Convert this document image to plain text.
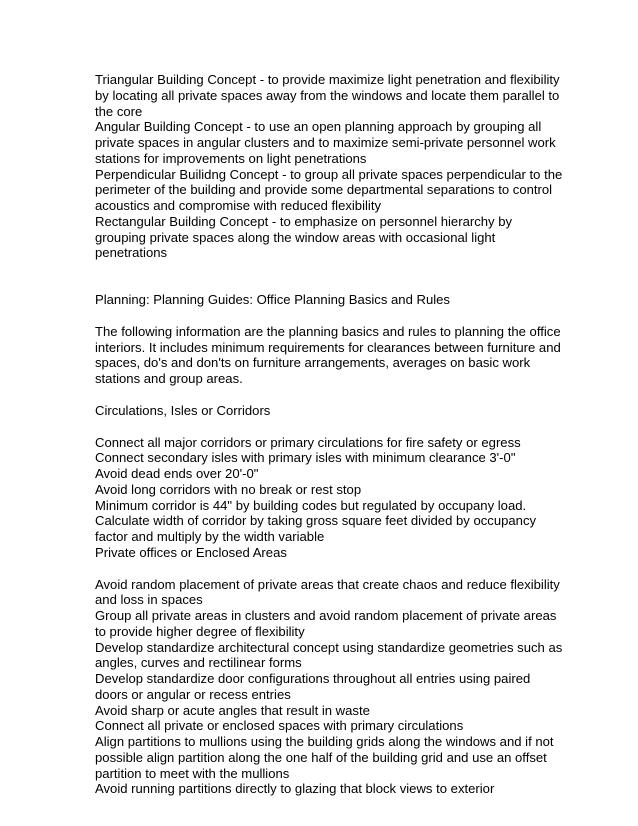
Triangular Building Concept - to provide maximize light penetration and flexibility
by locating all private spaces away from the windows and locate them parallel to
the core
Angular Building Concept - to use an open planning approach by grouping all
private spaces in angular clusters and to maximize semi-private personnel work
stations for improvements on light penetrations
Perpendicular Builidng Concept - to group all private spaces perpendicular to the
perimeter of the building and provide some departmental separations to control
acoustics and compromise with reduced flexibility
Rectangular Building Concept - to emphasize on personnel hierarchy by
grouping private spaces along the window areas with occasional light
penetrations
Planning: Planning Guides: Office Planning Basics and Rules
The following information are the planning basics and rules to planning the office
interiors. It includes minimum requirements for clearances between furniture and
spaces, do's and don'ts on furniture arrangements, averages on basic work
stations and group areas.
Circulations, Isles or Corridors
Connect all major corridors or primary circulations for fire safety or egress
Connect secondary isles with primary isles with minimum clearance 3'-0"
Avoid dead ends over 20'-0"
Avoid long corridors with no break or rest stop
Minimum corridor is 44" by building codes but regulated by occupany load.
Calculate width of corridor by taking gross square feet divided by occupancy
factor and multiply by the width variable
Private offices or Enclosed Areas
Avoid random placement of private areas that create chaos and reduce flexibility
and loss in spaces
Group all private areas in clusters and avoid random placement of private areas
to provide higher degree of flexibility
Develop standardize architectural concept using standardize geometries such as
angles, curves and rectilinear forms
Develop standardize door configurations throughout all entries using paired
doors or angular or recess entries
Avoid sharp or acute angles that result in waste
Connect all private or enclosed spaces with primary circulations
Align partitions to mullions using the building grids along the windows and if not
possible align partition along the one half of the building grid and use an offset
partition to meet with the mullions
Avoid running partitions directly to glazing that block views to exterior
